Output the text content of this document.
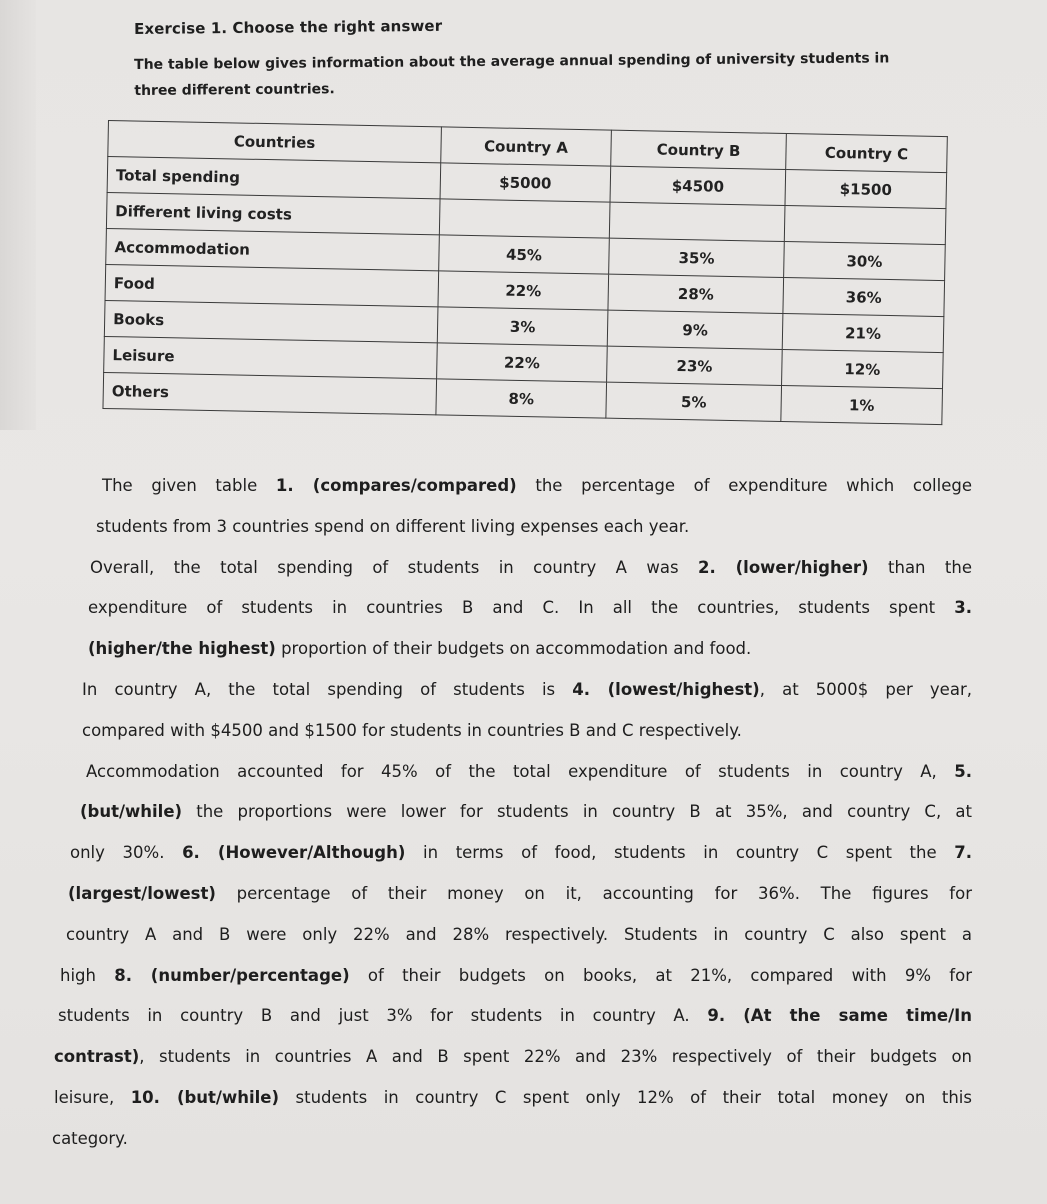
Exercise 1. Choose the right answer
The table below gives information about the average annual spending of university students in three different countries.
Countries	Country A	Country B	Country C
Total spending	$5000	$4500	$1500
Different living costs			
Accommodation	45%	35%	30%
Food	22%	28%	36%
Books	3%	9%	21%
Leisure	22%	23%	12%
Others	8%	5%	1%
The given table 1. (compares/compared) the percentage of expenditure which college
students from 3 countries spend on different living expenses each year.
Overall, the total spending of students in country A was 2. (lower/higher) than the
expenditure of students in countries B and C. In all the countries, students spent 3.
(higher/the highest) proportion of their budgets on accommodation and food.
In country A, the total spending of students is 4. (lowest/highest), at 5000$ per year,
compared with $4500 and $1500 for students in countries B and C respectively.
Accommodation accounted for 45% of the total expenditure of students in country A, 5.
(but/while) the proportions were lower for students in country B at 35%, and country C, at
only 30%. 6. (However/Although) in terms of food, students in country C spent the 7.
(largest/lowest) percentage of their money on it, accounting for 36%. The figures for
country A and B were only 22% and 28% respectively. Students in country C also spent a
high 8. (number/percentage) of their budgets on books, at 21%, compared with 9% for
students in country B and just 3% for students in country A. 9. (At the same time/In
contrast), students in countries A and B spent 22% and 23% respectively of their budgets on
leisure, 10. (but/while) students in country C spent only 12% of their total money on this
category.
